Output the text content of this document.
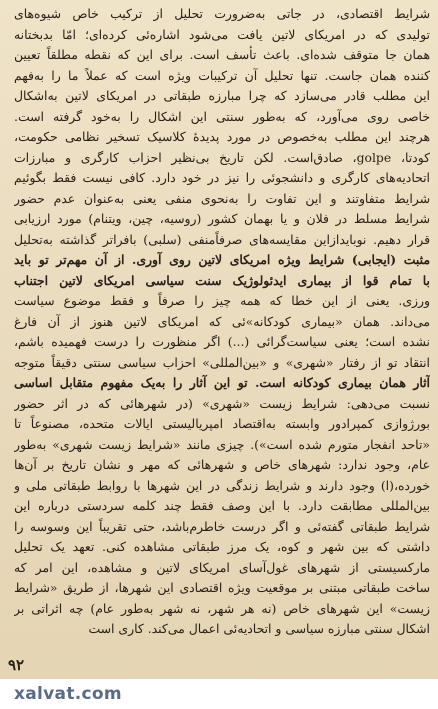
شرایط اقتصادی، در جاتی به‌ضرورت تحلیل از ترکیب خاص شیوه‌های
تولیدی که در امریکای لاتین یافت می‌شود اشاره‌ئی کرده‌ای؛ امّا بدبختانه
همان جا متوقف شده‌ای. باعث تأسف است. برای این که نقطه مطلقاً تعیین
کننده همان جاست. تنها تحلیل آن ترکیبات ویژه است که عملاً ما را به‌فهم
این مطلب قادر می‌سازد که چرا مبارزه طبقاتی در امریکای لاتین به‌اشکال
خاصی روی می‌آورد، که به‌طور سنتی این اشکال را به‌خود گرفته است.
هرچند این مطلب به‌خصوص در مورد پدیدهٔ کلاسیک تسخیر نظامی حکومت،
کودتا، golpe، صادق‌است. لکن تاریخ بی‌نظیر احزاب کارگری و مبارزات
اتحادیه‌های کارگری و دانشجوئی را نیز در خود دارد. کافی نیست فقط بگوئیم
شرایط متفاوتند و این تفاوت را به‌نحوی منفی یعنی به‌عنوان عدم حضور
شرایط مسلط در فلان و یا بهمان کشور (روسیه، چین، ویتنام) مورد ارزیابی
قرار دهیم. نوبایدازاین مقایسه‌های صرفاًمنفی (سلبی) بافراتر گذاشته به‌تحلیل
مثبت (ایجابی) شرایط ویژه امریکای لاتین روی آوری. از آن مهم‌تر تو باید
با تمام قوا از بیماری ایدئولوژیک سنت سیاسی امریکای لاتین اجتناب
ورزی. یعنی از این خطا که همه چیز را صرفاً و فقط موضوع سیاست
می‌داند. همان «بیماری کودکانه»ئی که امریکای لاتین هنوز از آن فارغ
نشده است؛ یعنی سیاست‌گرائی (...) اگر منظورت را درست فهمیده باشم،
انتقاد تو از رفتار «شهری» و «بین‌المللی» احزاب سیاسی سنتی دقیقاً متوجه
آثار همان بیماری کودکانه است. تو این آثار را به‌یک مفهوم متقابل اساسی
نسبت می‌دهی: شرایط زیست «شهری» (در شهرهائی که در اثر حضور
بورژوازی کمپرادور وابسته به‌اقتصاد امپریالیستی ایالات متحده، مصنوعاً تا
«تاحد انفجار متورم شده است»). چیزی مانند «شرایط زیست شهری» به‌طور
عام، وجود ندارد: شهرهای خاص و شهرهائی که مهر و نشان تاریخ بر آن‌ها
خورده،(ا) وجود دارند و شرایط زندگی در این شهرها با روابط طبقاتی ملی و
بین‌المللی مطابقت دارد. با این وصف فقط چند کلمه سردستی درباره این
شرایط طبقاتی گفته‌ئی و اگر درست خاطرم‌باشد، حتی تقریباً این وسوسه را
داشتی که بین شهر و کوه، یک مرز طبقاتی مشاهده کنی. تعهد یک تحلیل
مارکسیستی از شهرهای غول‌آسای امریکای لاتین و مشاهده، این امر که
ساخت طبقاتی مبتنی بر موقعیت ویژه اقتصادی این شهرها، از طریق «شرایط
زیست» این شهرهای خاص (نه هر شهر، نه شهر به‌طور عام) چه اثراتی بر
اشکال سنتی مبارزه سیاسی و اتحادیه‌ئی اعمال می‌کند. کاری است
۹۲
xalvat.com
